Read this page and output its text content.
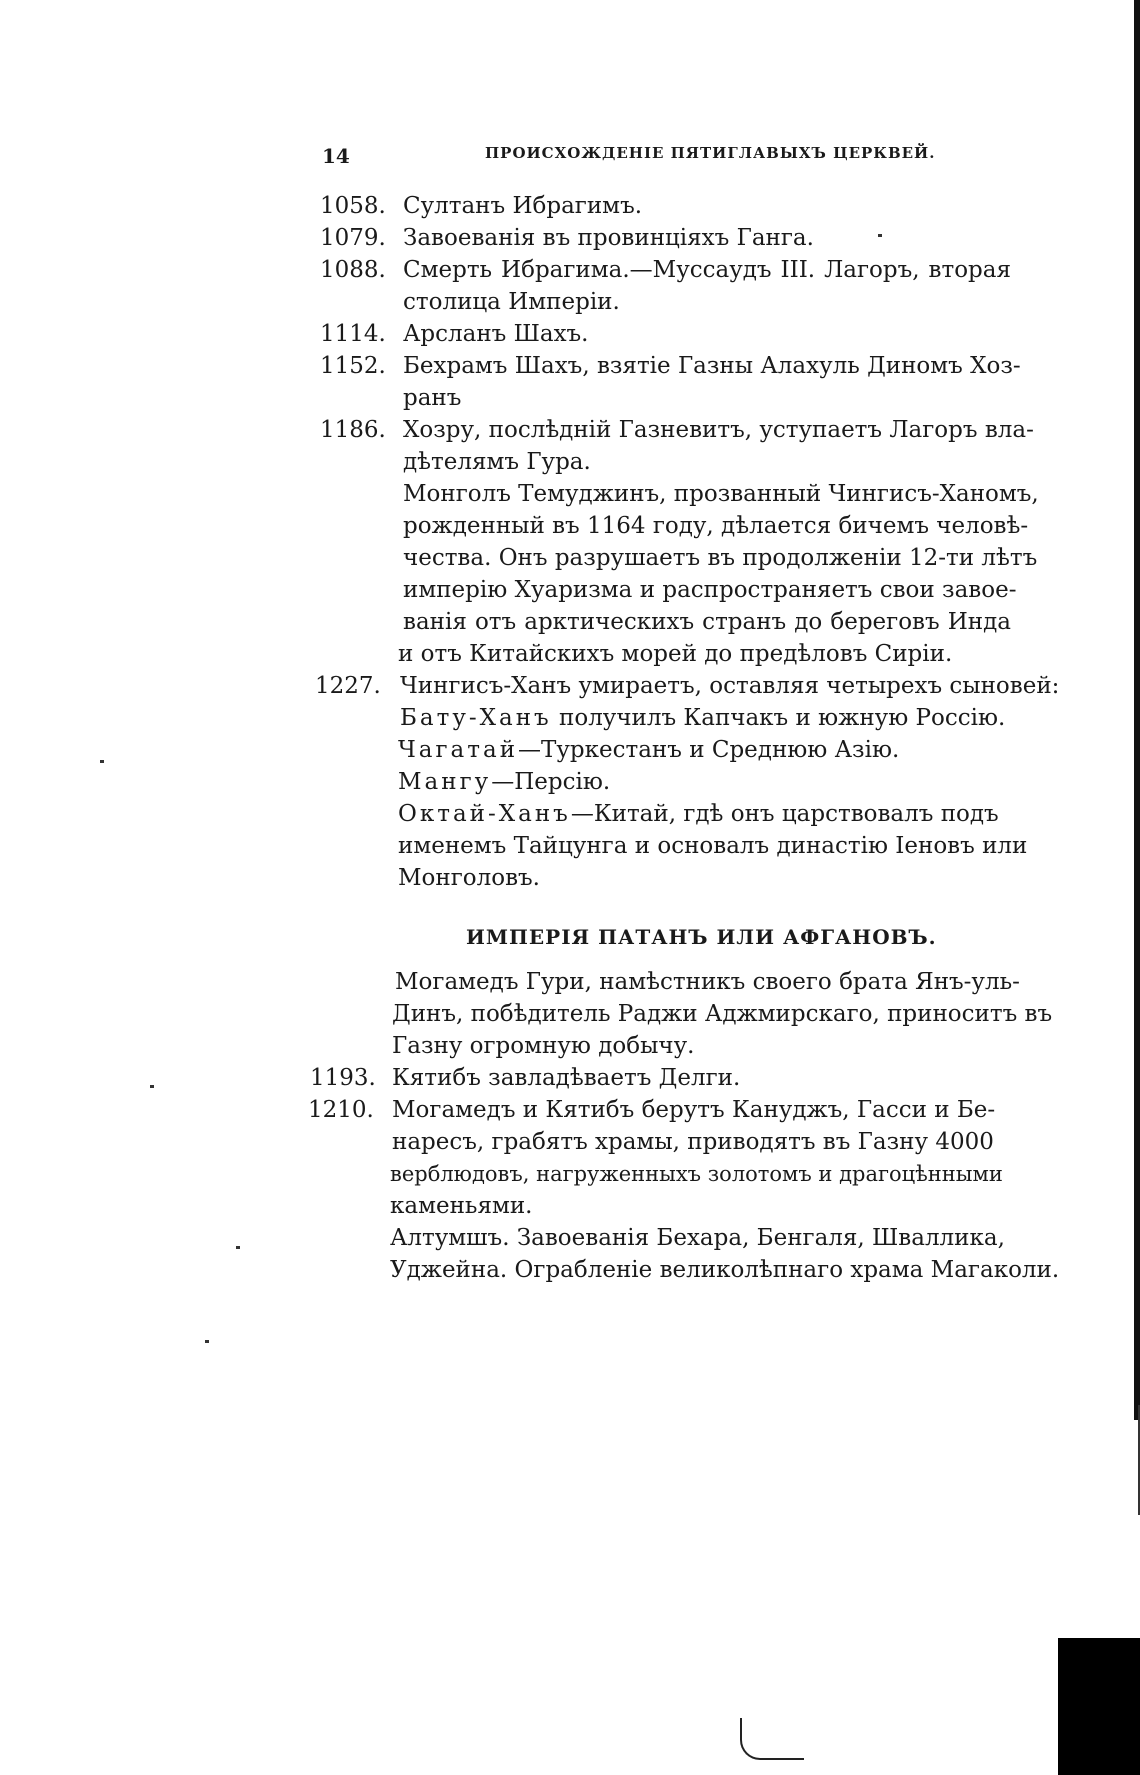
14	ПРОИСХОЖДЕНІЕ ПЯТИГЛАВЫХЪ ЦЕРКВЕЙ.
1058. Султанъ Ибрагимъ.
1079. Завоеванія въ провинціяхъ Ганга.
1088. Смерть Ибрагима.—Муссаудъ III. Лагоръ, вторая
столица Имперіи.
1114. Арсланъ Шахъ.
1152. Бехрамъ Шахъ, взятіе Газны Алахуль Диномъ Хоз-
ранъ
1186. Хозру, послѣдній Газневитъ, уступаетъ Лагоръ вла-
дѣтелямъ Гура.
Монголъ Темуджинъ, прозванный Чингисъ-Ханомъ,
рожденный въ 1164 году, дѣлается бичемъ человѣ-
чества. Онъ разрушаетъ въ продолженіи 12-ти лѣтъ
имперію Хуаризма и распространяетъ свои завое-
ванія отъ арктическихъ странъ до береговъ Инда
и отъ Китайскихъ морей до предѣловъ Сиріи.
1227. Чингисъ-Ханъ умираетъ, оставляя четырехъ сыновей:
Бату-Ханъ получилъ Капчакъ и южную Россію.
Чагатай—Туркестанъ и Среднюю Азію.
Мангу—Персію.
Октай-Ханъ—Китай, гдѣ онъ царствовалъ подъ
именемъ Тайцунга и основалъ династію Іеновъ или
Монголовъ.
ИМПЕРІЯ ПАТАНЪ ИЛИ АФГАНОВЪ.
Могамедъ Гури, намѣстникъ своего брата Янъ-уль-
Динъ, побѣдитель Раджи Аджмирскаго, приноситъ въ
Газну огромную добычу.
1193. Кятибъ завладѣваетъ Делги.
1210. Могамедъ и Кятибъ берутъ Кануджъ, Гасси и Бе-
наресъ, грабятъ храмы, приводятъ въ Газну 4000
верблюдовъ, нагруженныхъ золотомъ и драгоцѣнными
каменьями.
Алтумшъ. Завоеванія Бехара, Бенгаля, Шваллика,
Уджейна. Ограбленіе великолѣпнаго храма Магаколи.
